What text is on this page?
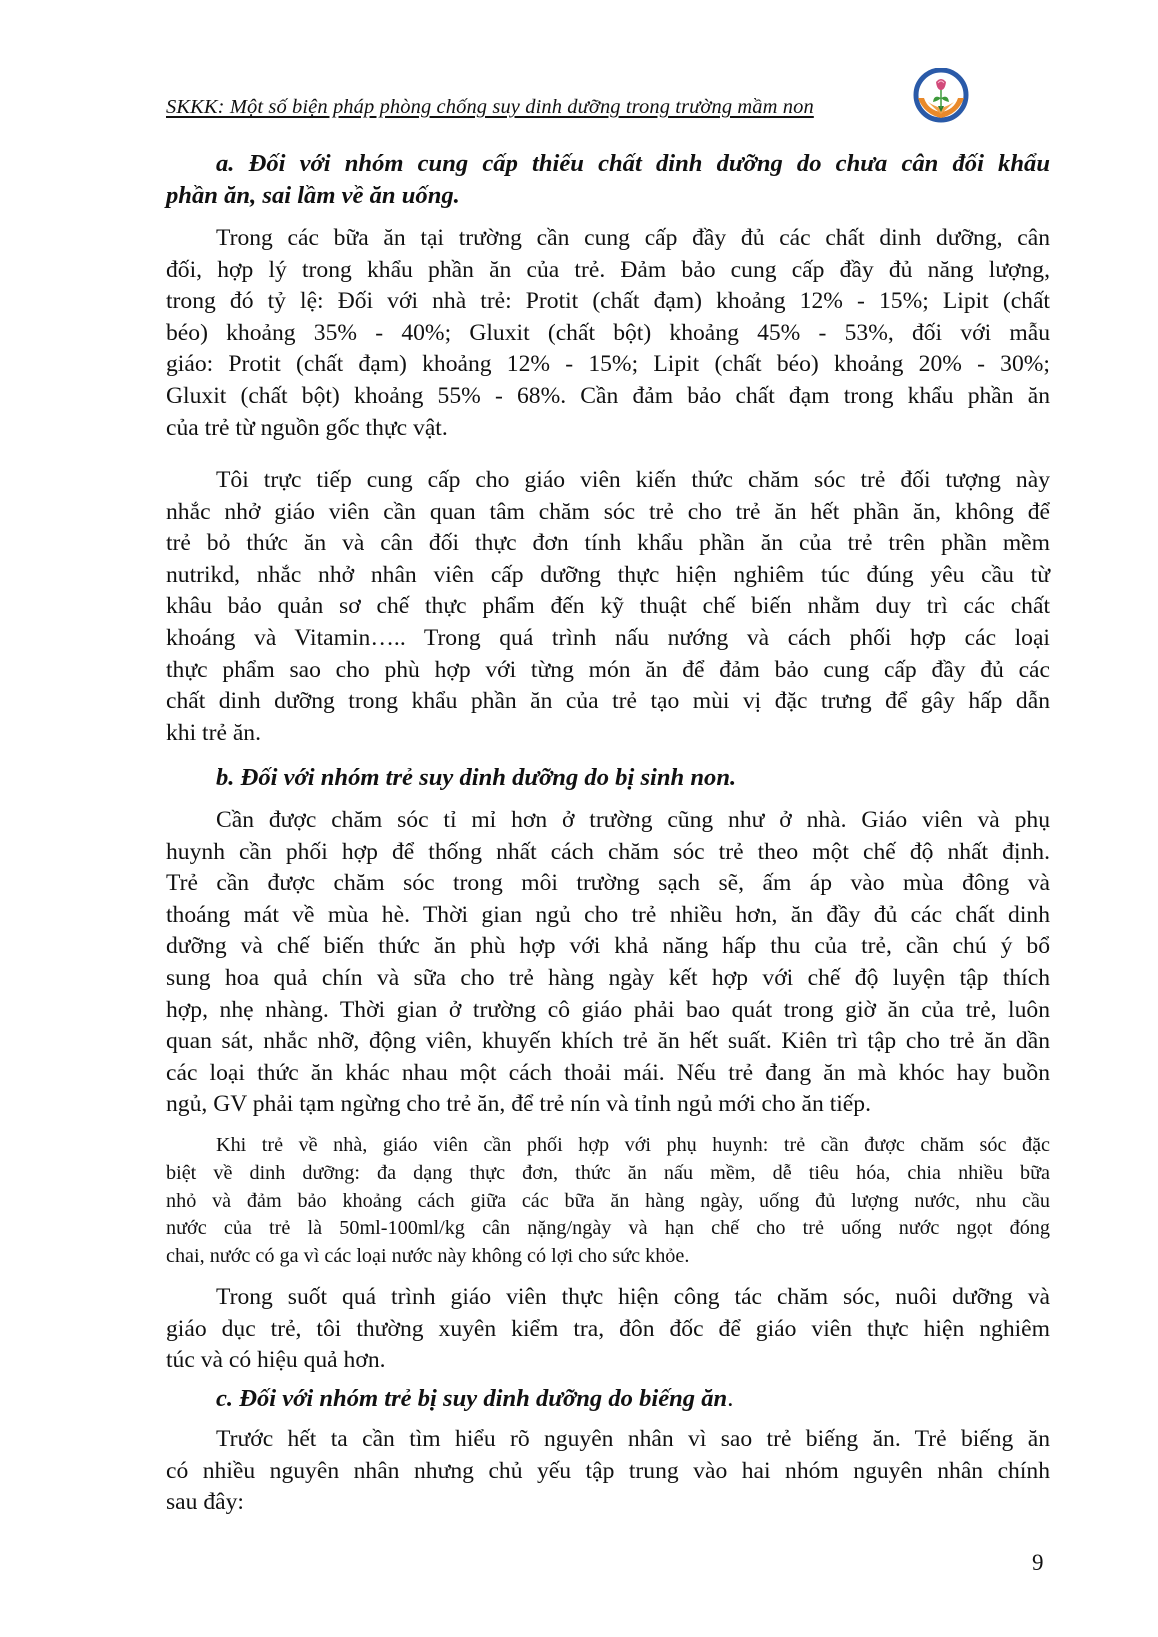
SKKK: Một số biện pháp phòng chống suy dinh dưỡng trong trường mầm non
a. Đối với nhóm cung cấp thiếu chất dinh dưỡng do chưa cân đối khẩu
phần ăn, sai lầm về ăn uống.
Trong các bữa ăn tại trường cần cung cấp đầy đủ các chất dinh dưỡng, cân
đối, hợp lý trong khẩu phần ăn của trẻ. Đảm bảo cung cấp đầy đủ năng lượng,
trong đó tỷ lệ: Đối với nhà trẻ: Protit (chất đạm) khoảng 12% - 15%; Lipit (chất
béo) khoảng 35% - 40%; Gluxit (chất bột) khoảng 45% - 53%, đối với mẫu
giáo: Protit (chất đạm) khoảng 12% - 15%; Lipit (chất béo) khoảng 20% - 30%;
Gluxit (chất bột) khoảng 55% - 68%. Cần đảm bảo chất đạm trong khẩu phần ăn
của trẻ từ nguồn gốc thực vật.
Tôi trực tiếp cung cấp cho giáo viên kiến thức chăm sóc trẻ đối tượng này
nhắc nhở giáo viên cần quan tâm chăm sóc trẻ cho trẻ ăn hết phần ăn, không để
trẻ bỏ thức ăn và cân đối thực đơn tính khẩu phần ăn của trẻ trên phần mềm
nutrikd, nhắc nhở nhân viên cấp dưỡng thực hiện nghiêm túc đúng yêu cầu từ
khâu bảo quản sơ chế thực phẩm đến kỹ thuật chế biến nhằm duy trì các chất
khoáng và Vitamin….. Trong quá trình nấu nướng và cách phối hợp các loại
thực phẩm sao cho phù hợp với từng món ăn để đảm bảo cung cấp đầy đủ các
chất dinh dưỡng trong khẩu phần ăn của trẻ tạo mùi vị đặc trưng để gây hấp dẫn
khi trẻ ăn.
b. Đối với nhóm trẻ suy dinh dưỡng do bị sinh non.
Cần được chăm sóc tỉ mỉ hơn ở trường cũng như ở nhà. Giáo viên và phụ
huynh cần phối hợp để thống nhất cách chăm sóc trẻ theo một chế độ nhất định.
Trẻ cần được chăm sóc trong môi trường sạch sẽ, ấm áp vào mùa đông và
thoáng mát về mùa hè. Thời gian ngủ cho trẻ nhiều hơn, ăn đầy đủ các chất dinh
dưỡng và chế biến thức ăn phù hợp với khả năng hấp thu của trẻ, cần chú ý bổ
sung hoa quả chín và sữa cho trẻ hàng ngày kết hợp với chế độ luyện tập thích
hợp, nhẹ nhàng. Thời gian ở trường cô giáo phải bao quát trong giờ ăn của trẻ, luôn
quan sát, nhắc nhỡ, động viên, khuyến khích trẻ ăn hết suất. Kiên trì tập cho trẻ ăn dần
các loại thức ăn khác nhau một cách thoải mái. Nếu trẻ đang ăn mà khóc hay buồn
ngủ, GV phải tạm ngừng cho trẻ ăn, để trẻ nín và tỉnh ngủ mới cho ăn tiếp.
Khi trẻ về nhà, giáo viên cần phối hợp với phụ huynh: trẻ cần được chăm sóc đặc
biệt về dinh dưỡng: đa dạng thực đơn, thức ăn nấu mềm, dễ tiêu hóa, chia nhiều bữa
nhỏ và đảm bảo khoảng cách giữa các bữa ăn hàng ngày, uống đủ lượng nước, nhu cầu
nước của trẻ là 50ml-100ml/kg cân nặng/ngày và hạn chế cho trẻ uống nước ngọt đóng
chai, nước có ga vì các loại nước này không có lợi cho sức khỏe.
Trong suốt quá trình giáo viên thực hiện công tác chăm sóc, nuôi dưỡng và
giáo dục trẻ, tôi thường xuyên kiểm tra, đôn đốc để giáo viên thực hiện nghiêm
túc và có hiệu quả hơn.
c. Đối với nhóm trẻ bị suy dinh dưỡng do biếng ăn.
Trước hết ta cần tìm hiểu rõ nguyên nhân vì sao trẻ biếng ăn. Trẻ biếng ăn
có nhiều nguyên nhân nhưng chủ yếu tập trung vào hai nhóm nguyên nhân chính
sau đây:
9
